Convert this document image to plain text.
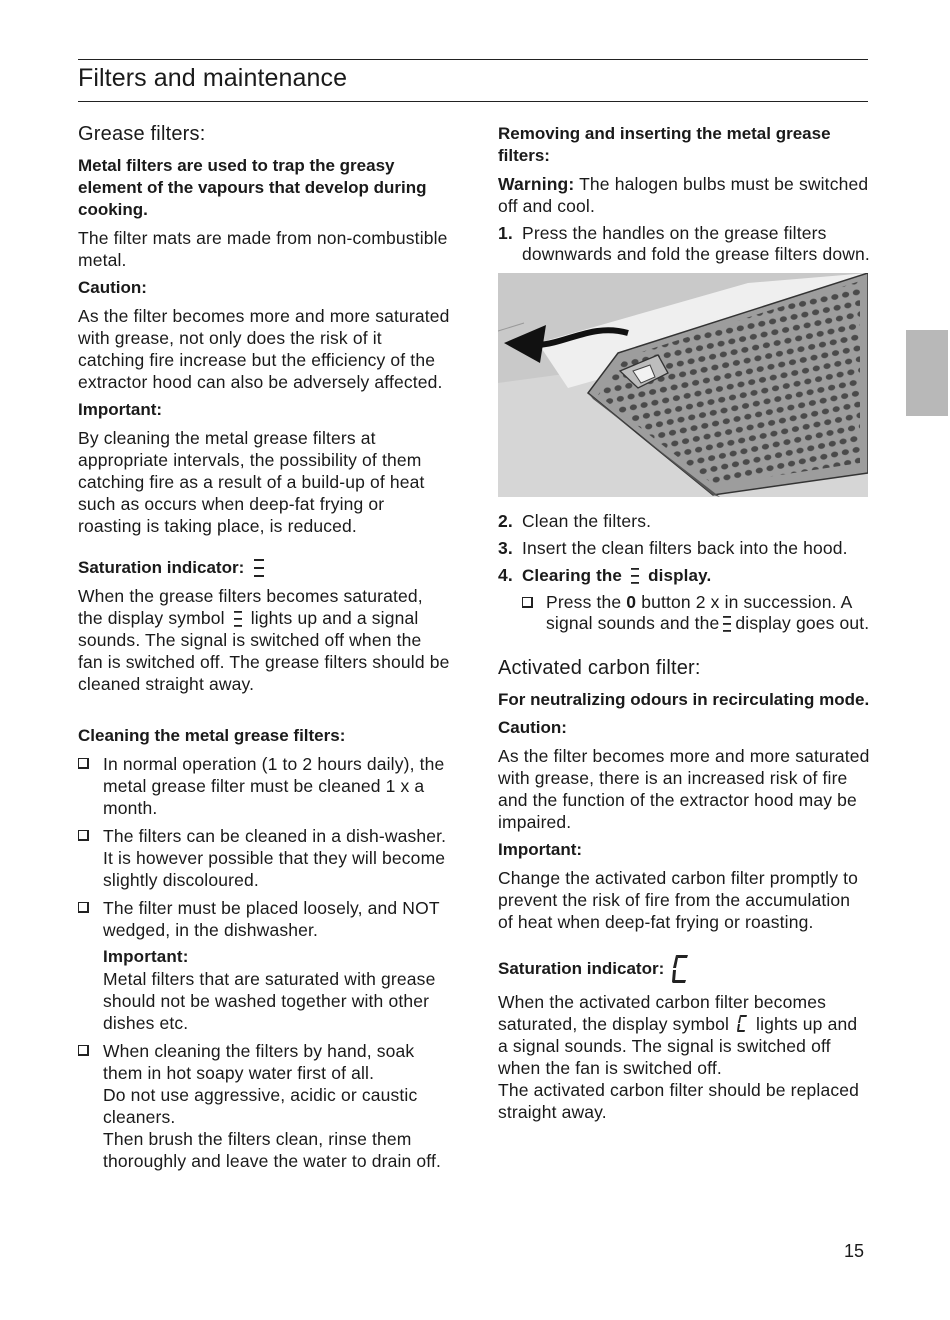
Filters and maintenance
Grease filters:
Metal filters are used to trap the greasy element of the vapours that develop during cooking.
The filter mats are made from non-combustible metal.
Caution:
As the filter becomes more and more saturated with grease, not only does the risk of it catching fire increase but the efficiency of the extractor hood can also be adversely affected.
Important:
By cleaning the metal grease filters at appropriate intervals, the possibility of them catching fire as a result of a build-up of heat such as occurs when deep-fat frying or roasting is taking place, is reduced.
Saturation indicator:
When the grease filters becomes saturated, the display symbol lights up and a signal sounds. The signal is switched off when the fan is switched off. The grease filters should be cleaned straight away.
Cleaning the metal grease filters:
In normal operation (1 to 2 hours daily), the metal grease filter must be cleaned 1 x a month.
The filters can be cleaned in a dish-washer. It is however possible that they will become slightly discoloured.
The filter must be placed loosely, and NOT wedged, in the dishwasher.
Important:
Metal filters that are saturated with grease should not be washed together with other dishes etc.
When cleaning the filters by hand, soak them in hot soapy water first of all.
Do not use aggressive, acidic or caustic cleaners.
Then brush the filters clean, rinse them thoroughly and leave the water to drain off.
Removing and inserting the metal grease filters:
Warning: The halogen bulbs must be switched off and cool.
1. Press the handles on the grease filters downwards and fold the grease filters down.
2. Clean the filters.
3. Insert the clean filters back into the hood.
4. Clearing the display.
Press the 0 button 2 x in succession. A signal sounds and the display goes out.
Activated carbon filter:
For neutralizing odours in recirculating mode.
Caution:
As the filter becomes more and more saturated with grease, there is an increased risk of fire and the function of the extractor hood may be impaired.
Important:
Change the activated carbon filter promptly to prevent the risk of fire from the accumulation of heat when deep-fat frying or roasting.
Saturation indicator:
When the activated carbon filter becomes saturated, the display symbol lights up and a signal sounds. The signal is switched off when the fan is switched off.
The activated carbon filter should be replaced straight away.
15
